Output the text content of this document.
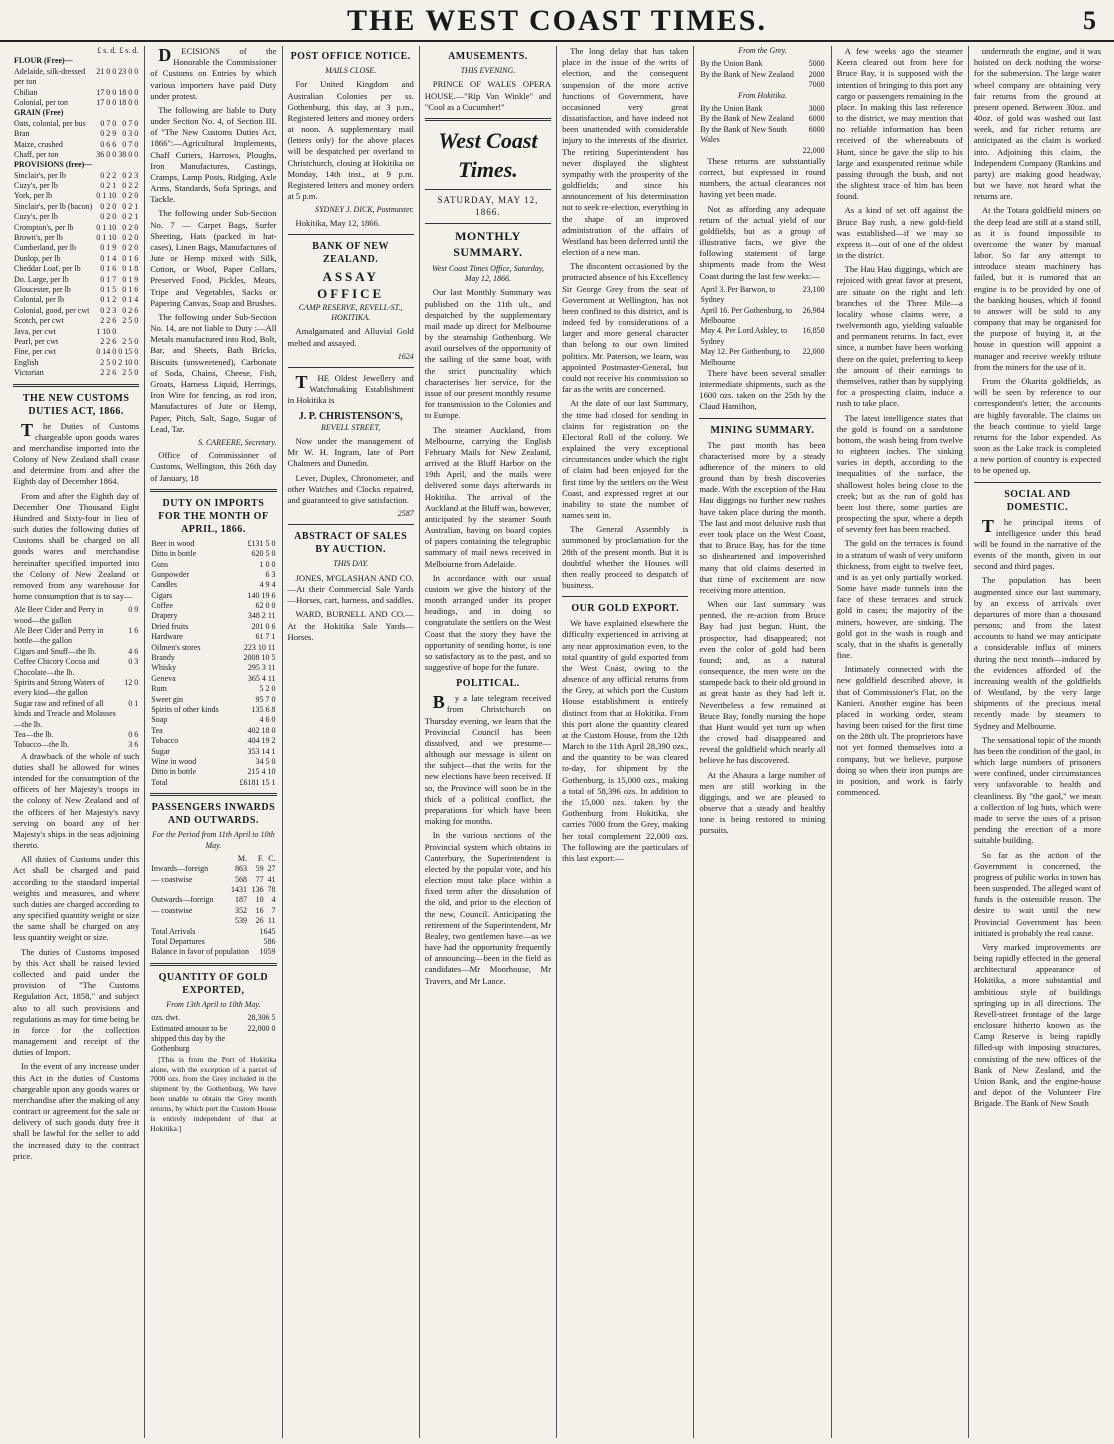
THE WEST COAST TIMES.	5
	£ s. d.	£ s. d.
FLOUR (Free)—		
Adelaide, silk-dressed per ton	21 0 0	23 0 0
Chilian	17 0 0	18 0 0
Colonial, per ton	17 0 0	18 0 0
GRAIN (Free)		
Oats, colonial, per bus	0 7 0	0 7 0
Bran	0 2 9	0 3 0
Maize, crushed	0 6 6	0 7 0
Chaff, per ton	36 0 0	38 0 0
PROVISIONS (free)—		
Sinclair's, per lb	0 2 2	0 2 3
Cuzy's, per lb	0 2 1	0 2 2
York, per lb	0 1 10	0 2 0
Sinclair's, per lb (bacon)	0 2 0	0 2 1
Cuzy's, per lb	0 2 0	0 2 1
Crompton's, per lb	0 1 10	0 2 0
Brown's, per lb	0 1 10	0 2 0
Cumberland, per lb	0 1 9	0 2 0
Dunlop, per lb	0 1 4	0 1 6
Cheddar Loaf, per lb	0 1 6	0 1 8
Do. Large, per lb	0 1 7	0 1 9
Gloucester, per lb	0 1 5	0 1 6
Colonial, per lb	0 1 2	0 1 4
Colonial, good, per cwt	0 2 3	0 2 6
Scotch, per cwt	2 2 6	2 5 0
Java, per cwt	1 10 0	
Pearl, per cwt	2 2 6	2 5 0
Fine, per cwt	0 14 0	0 15 0
English	2 5 0	2 10 0
Victorian	2 2 6	2 5 0
THE NEW CUSTOMS DUTIES ACT, 1866.

The Duties of Customs chargeable upon goods wares and merchandise imported into the Colony of New Zealand shall cease and determine from and after the Eighth day of December 1864.

From and after the Eighth day of December One Thousand Eight Hundred and Sixty-four in lieu of such duties the following duties of Customs shall be charged on all goods wares and merchandise hereinafter specified imported into the Colony of New Zealand or removed from any warehouse for home consumption that is to say—

Ale Beer Cider and Perry in wood—the gallon	0 9
Ale Beer Cider and Perry in bottle—the gallon	1 6
Cigars and Snuff—the lb.	4 6
Coffee Chicory Cocoa and Chocolate—the lb.	0 3
Spirits and Strong Waters of every kind—the gallon	12 0
Sugar raw and refined of all kinds and Treacle and Molasses—the lb.	0 1
Tea—the lb.	0 6
Tobacco—the lb.	3 6

A drawback of the whole of such duties shall be allowed for wines intended for the consumption of the officers of her Majesty's troops in the colony of New Zealand and of the officers of her Majesty's navy serving on board any of her Majesty's ships in the seas adjoining thereto.

All duties of Customs under this Act shall be charged and paid according to the standard imperial weights and measures, and where such duties are charged according to any specified quantity weight or size the same shall be charged on any less quantity weight or size.

The duties of Customs imposed by this Act shall be raised levied collected and paid under the provision of "The Customs Regulation Act, 1858," and subject also to all such provisions and regulations as may for time being be in force for the collection management and receipt of the duties of Import.

In the event of any increase under this Act in the duties of Customs chargeable upon any goods wares or merchandise after the making of any contract or agreement for the sale or delivery of such goods duty free it shall be lawful for the seller to add the increased duty to the contract price.

DECISIONS of the Honorable the Commissioner of Customs on Entries by which various importers have paid Duty under protest.

The following are liable to Duty under Section No. 4, of Section III. of "The New Customs Duties Act, 1866":—Agricultural Implements, Chaff Cutters, Harrows, Ploughs, Iron Manufactures, Castings, Cramps, Lamp Posts, Ridging, Axle Arms, Standards, Sofa Springs, and Tackle.

The following under Sub-Section No. 7 — Carpet Bags, Surfer Sheeting, Hats (packed in hat-cases), Linen Bags, Manufactures of Jute or Hemp mixed with Silk, Cotton, or Wool, Paper Collars, Preserved Food, Pickles, Meats, Tripe and Vegetables, Sacks or Papering Canvas, Soap and Brushes.

The following under Sub-Section No. 14, are not liable to Duty :—All Metals manufactured into Rod, Bolt, Bar, and Sheets, Bath Bricks, Biscuits (unsweetened), Carbonate of Soda, Chains, Cheese, Fish, Groats, Harness Liquid, Herrings, Iron Wire for fencing, as rod iron, Manufactures of Jute or Hemp, Paper, Pitch, Salt, Sago, Sugar of Lead, Tar.

S. CAREERE, Secretary.

Office of Commissioner of Customs, Wellington, this 26th day of January, 18

DUTY ON IMPORTS FOR THE MONTH OF APRIL, 1866.
Beer in wood	£131 5 0
Ditto in bottle	620 5 0
Guns	1 0 0
Gunpowder	6 3
Candles	4 9 4
Cigars	140 19 6
Coffee	62 0 0
Drapery	348 2 11
Dried fruits	201 0 6
Hardware	61 7 1
Oilmen's stores	223 10 11
Brandy	2008 10 5
Whisky	295 3 11
Geneva	365 4 11
Rum	5 2 0
Sweet gin	95 7 0
Spirits of other kinds	135 6 8
Soap	4 6 0
Tea	402 18 0
Tobacco	404 19 2
Sugar	353 14 1
Wine in wood	34 5 0
Ditto in bottle	215 4 10
Total	£6181 15 1
PASSENGERS INWARDS AND OUTWARDS.
For the Period from 11th April to 10th May.
	M.	F.	C.
Inwards—foreign	863	59	27
— coastwise	568	77	41
	1431	136	78
Outwards—foreign	187	10	4
— coastwise	352	16	7
	539	26	11
Total Arrivals	1645
Total Departures	586
Balance in favor of population	1059
QUANTITY OF GOLD EXPORTED,
From 13th April to 10th May.
ozs. dwt.	28,306 5
Estimated amount to be shipped this day by the Gothenburg	22,000 0

[This is from the Port of Hokitika alone, with the exception of a parcel of 7000 ozs. from the Grey included in the shipment by the Gothenburg. We have been unable to obtain the Grey month returns, by which port the Custom House is entirely independent of that at Hokitika.]

POST OFFICE NOTICE.
MAILS CLOSE.

For United Kingdom and Australian Colonies per ss. Gothenburg, this day, at 3 p.m., Registered letters and money orders at noon. A supplementary mail (letters only) for the above places will be despatched per overland to Christchurch, closing at Hokitika on Monday, 14th inst., at 9 p.m. Registered letters and money orders at 5 p.m.

SYDNEY J. DICK, Postmaster.

Hokitika, May 12, 1866.

BANK OF NEW ZEALAND.
ASSAY OFFICE
CAMP RESERVE, REVELL-ST., HOKITIKA.

Amalgamated and Alluvial Gold melted and assayed.

1624

THE Oldest Jewellery and Watchmaking Establishment in Hokitika is

J. P. CHRISTENSON'S,
REVELL STREET,

Now under the management of Mr W. H. Ingram, late of Port Chalmers and Dunedin.

Lever, Duplex, Chronometer, and other Watches and Clocks repaired, and guaranteed to give satisfaction.

2587
ABSTRACT OF SALES BY AUCTION.
THIS DAY.

JONES, M'GLASHAN AND CO.—At their Commercial Sale Yards—Horses, cart, harness, and saddles.

WARD, BURNELL AND CO.—At the Hokitika Sale Yards—Horses.

AMUSEMENTS.
THIS EVENING.

PRINCE OF WALES OPERA HOUSE.—"Rip Van Winkle" and "Cool as a Cucumber!"

West Coast Times.
SATURDAY, MAY 12, 1866.
MONTHLY SUMMARY.
West Coast Times Office, Saturday, May 12, 1866.

Our last Monthly Summary was published on the 11th ult., and despatched by the supplementary mail made up direct for Melbourne by the steamship Gothenburg. We avail ourselves of the opportunity of the sailing of the same boat, with the strict punctuality which characterises her service, for the issue of our present monthly resume for transmission to the Colonies and to Europe.

The steamer Auckland, from Melbourne, carrying the English February Mails for New Zealand, arrived at the Bluff Harbor on the 19th April, and the mails were delivered some days afterwards in Hokitika. The arrival of the Auckland at the Bluff was, however, anticipated by the steamer South Australian, having on board copies of papers containing the telegraphic summary of mail news received in Melbourne from Adelaide.

In accordance with our usual custom we give the history of the month arranged under its proper headings, and in doing so congratulate the settlers on the West Coast that the story they have the opportunity of sending home, is one so satisfactory as to the past, and so suggestive of hope for the future.

POLITICAL.

By a late telegram received from Christchurch on Thursday evening, we learn that the Provincial Council has been dissolved, and we presume—although our message is silent on the subject—that the writs for the new elections have been received. If so, the Province will soon be in the thick of a political conflict, the preparations for which have been making for months.

In the various sections of the Provincial system which obtains in Canterbury, the Superintendent is elected by the popular vote, and his election must take place within a fixed term after the dissolution of the old, and prior to the election of the new, Council. Anticipating the retirement of the Superintendent, Mr Bealey, two gentlemen have—as we have had the opportunity frequently of announcing—been in the field as candidates—Mr Moorhouse, Mr Travers, and Mr Lance.

The long delay that has taken place in the issue of the writs of election, and the consequent suspension of the more active functions of Government, have occasioned very great dissatisfaction, and have indeed not been unattended with considerable injury to the interests of the district. The retiring Superintendent has never displayed the slightest sympathy with the prosperity of the goldfields; and since his announcement of his determination not to seek re-election, everything in the shape of an improved administration of the affairs of Westland has been deferred until the election of a new man.

The discontent occasioned by the protracted absence of his Excellency Sir George Grey from the seat of Government at Wellington, has not been confined to this district, and is indeed fed by considerations of a larger and more general character than belong to our own limited politics. Mr. Paterson, we learn, was appointed Postmaster-General, but could not receive his commission so far as the writs are concerned.

At the date of our last Summary, the time had closed for sending in claims for registration on the Electoral Roll of the colony. We explained the very exceptional circumstances under which the right of claim had been enjoyed for the first time by the settlers on the West Coast, and expressed regret at our inability to state the number of names sent in.

The General Assembly is summoned by proclamation for the 28th of the present month. But it is doubtful whether the Houses will then really proceed to despatch of business.

OUR GOLD EXPORT.

We have explained elsewhere the difficulty experienced in arriving at any near approximation even, to the total quantity of gold exported from the West Coast, owing to the absence of any official returns from the Grey, at which port the Custom House establishment is entirely distinct from that at Hokitika. From this port alone the quantity cleared at the Custom House, from the 12th March to the 11th April 28,390 ozs., and the quantity to be was cleared to-day, for shipment by the Gothenburg, is 15,000 ozs., making a total of 58,396 ozs. In addition to the 15,000 ozs. taken by the Gothenburg from Hokitika, she carries 7000 from the Grey, making her total complement 22,000 ozs. The following are the particulars of this last export:—

From the Grey.
By the Union Bank	5000
By the Bank of New Zealand	2000
	7000
From Hokitika.
By the Union Bank	3000
By the Bank of New Zealand	6000
By the Bank of New South Wales	6000
	22,000

These returns are substantially correct, but expressed in round numbers, the actual clearances not having yet been made.

Not as affording any adequate return of the actual yield of our goldfields, but as a group of illustrative facts, we give the following statement of large shipments made from the West Coast during the last few weeks:—

April 3. Per Barwon, to Sydney	23,100
April 16. Per Gothenburg, to Melbourne	26,984
May 4. Per Lord Ashley, to Sydney	16,850
May 12. Per Gothenburg, to Melbourne	22,000

There have been several smaller intermediate shipments, such as the 1600 ozs. taken on the 25th by the Claud Hamilton,

MINING SUMMARY.

The past month has been characterised more by a steady adherence of the miners to old ground than by fresh discoveries made. With the exception of the Hau Hau diggings no further new rushes have taken place during the month. The last and most delusive rush that ever took place on the West Coast, that to Bruce Bay, has for the time so disheartened and impoverished many that old claims deserted in that time of excitement are now receiving more attention.

When our last summary was penned, the re-action from Bruce Bay had just begun. Hunt, the prospector, had disappeared; not even the color of gold had been found; and, as a natural consequence, the men were on the stampede back to their old ground in as great haste as they had left it. Nevertheless a few remained at Bruce Bay, fondly nursing the hope that Hunt would yet turn up when the crowd had disappeared and reveal the goldfield which nearly all believe he has discovered.

At the Ahaura a large number of men are still working in the diggings, and we are pleased to observe that a steady and healthy tone is being restored to mining pursuits.

A few weeks ago the steamer Keera cleared out from here for Bruce Bay, it is supposed with the intention of bringing to this port any cargo or passengers remaining in the place. In making this last reference to the district, we may mention that no reliable information has been received of the whereabouts of Hunt, since he gave the slip to his large and exasperated retinue while passing through the bush, and not the slightest trace of him has been found.

As a kind of set off against the Bruce Bay rush, a new gold-field was established—if we may so express it—out of one of the oldest in the district.

The Hau Hau diggings, which are rejoiced with great favor at present, are situate on the right and left branches of the Three Mile—a locality whose claims were, a twelvemonth ago, yielding valuable and permanent returns. In fact, ever since, a number have been working there on the quiet, preferring to keep the amount of their earnings to themselves, rather than by supplying for a prospecting claim, induce a rush to take place.

The latest intelligence states that the gold is found on a sandstone bottom, the wash being from twelve to eighteen inches. The sinking varies in depth, according to the inequalities of the surface, the shallowest holes being close to the creek; but as the run of gold has been lost there, some parties are prospecting the spur, where a depth of seventy feet has been reached.

The gold on the terraces is found in a stratum of wash of very uniform thickness, from eight to twelve feet, and is as yet only partially worked. Some have made tunnels into the face of these terraces and struck gold in cases; the majority of the miners, however, are sinking. The gold got in the wash is rough and scaly, that in the shafts is generally fine.

Intimately connected with the new goldfield described above, is that of Commissioner's Flat, on the Kanieri. Another engine has been placed in working order, steam having been raised for the first time on the 28th ult. The proprietors have not yet formed themselves into a company, but we believe, purpose doing so when their iron pumps are in position, and work is fairly commenced.

underneath the engine, and it was hoisted on deck nothing the worse for the submersion. The large water wheel company are obtaining very fair returns from the ground at present opened. Between 30oz. and 40oz. of gold was washed out last week, and far richer returns are anticipated as the claim is worked into. Adjoining this claim, the Independent Company (Rankins and party) are making good headway, but we have not heard what the returns are.

At the Totara goldfield miners on the deep lead are still at a stand still, as it is found impossible to overcome the water by manual labor. So far any attempt to introduce steam machinery has failed, but it is rumored that an engine is to be provided by one of the banking houses, which if found to answer will be sold to any company that may be organised for the purpose of buying it, at the house in question will appoint a manager and receive weekly tribute from the miners for the use of it.

From the Okarita goldfields, as will be seen by reference to our correspondent's letter, the accounts are highly favorable. The claims on the beach continue to yield large returns for the labor expended. As soon as the Lake track is completed a new portion of country is expected to be opened up.

SOCIAL AND DOMESTIC.

The principal items of intelligence under this head will be found in the narrative of the events of the month, given in our second and third pages.

The population has been augmented since our last summary, by an excess of arrivals over departures of more than a thousand persons; and from the latest accounts to hand we may anticipate a considerable influx of miners during the next month—induced by the evidences afforded of the increasing wealth of the goldfields of Westland, by the very large shipments of the precious metal recently made by steamers to Sydney and Melbourne.

The sensational topic of the month has been the condition of the gaol, in which large numbers of prisoners were confined, under circumstances very unfavorable to health and cleanliness. By "the gaol," we mean a collection of log huts, which were made to serve the uses of a prison pending the erection of a more suitable building.

So far as the action of the Government is concerned, the progress of public works in town has been suspended. The alleged want of funds is the ostensible reason. The desire to wait until the new Provincial Government has been initiated is probably the real cause.

Very marked improvements are being rapidly effected in the general architectural appearance of Hokitika, a more substantial and ambitious style of buildings springing up in all directions. The Revell-street frontage of the large enclosure hitherto known as the Camp Reserve is being rapidly filled-up with imposing structures, consisting of the new offices of the Bank of New Zealand, and the Union Bank, and the engine-house and depot of the Volunteer Fire Brigade. The Bank of New South
